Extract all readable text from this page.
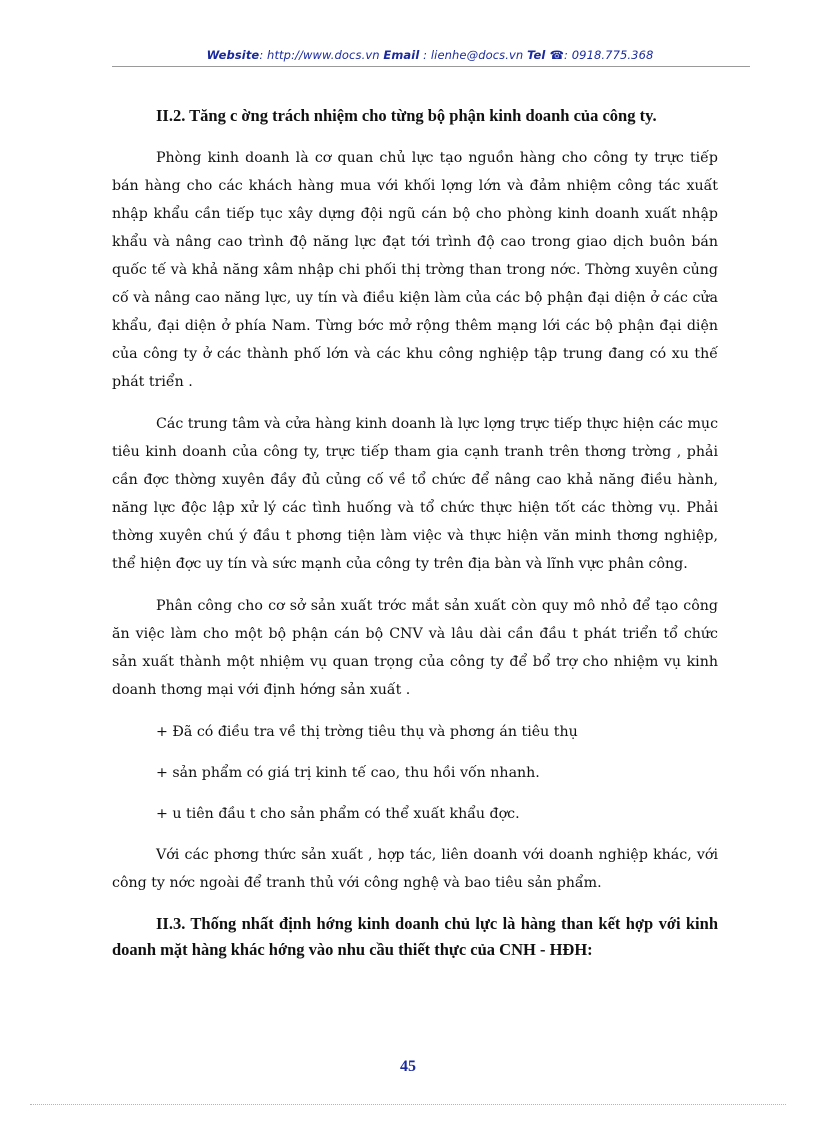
Website: http://www.docs.vn Email : lienhe@docs.vn Tel ☎: 0918.775.368
II.2. Tăng c ờng trách nhiệm cho từng bộ phận kinh doanh của công ty.

Phòng kinh doanh là cơ quan chủ lực tạo nguồn hàng cho công ty trực tiếp bán hàng cho các khách hàng mua với khối lợng lớn và đảm nhiệm công tác xuất nhập khẩu cần tiếp tục xây dựng đội ngũ cán bộ cho phòng kinh doanh xuất nhập khẩu và nâng cao trình độ năng lực đạt tới trình độ cao trong giao dịch buôn bán quốc tế và khả năng xâm nhập chi phối thị trờng than trong nớc. Thờng xuyên củng cố và nâng cao năng lực, uy tín và điều kiện làm của các bộ phận đại diện ở các cửa khẩu, đại diện ở phía Nam. Từng bớc mở rộng thêm mạng lới các bộ phận đại diện của công ty ở các thành phố lớn và các khu công nghiệp tập trung đang có xu thế phát triển .

Các trung tâm và cửa hàng kinh doanh là lực lợng trực tiếp thực hiện các mục tiêu kinh doanh của công ty, trực tiếp tham gia cạnh tranh trên thơng trờng , phải cần đợc thờng xuyên đầy đủ củng cố về tổ chức để nâng cao khả năng điều hành, năng lực độc lập xử lý các tình huống và tổ chức thực hiện tốt các thờng vụ. Phải thờng xuyên chú ý đầu t phơng tiện làm việc và thực hiện văn minh thơng nghiệp, thể hiện đợc uy tín và sức mạnh của công ty trên địa bàn và lĩnh vực phân công.

Phân công cho cơ sở sản xuất trớc mắt sản xuất còn quy mô nhỏ để tạo công ăn việc làm cho một bộ phận cán bộ CNV và lâu dài cần đầu t phát triển tổ chức sản xuất thành một nhiệm vụ quan trọng của công ty để bổ trợ cho nhiệm vụ kinh doanh thơng mại với định hớng sản xuất .

+ Đã có điều tra về thị trờng tiêu thụ và phơng án tiêu thụ

+ sản phẩm có giá trị kinh tế cao, thu hồi vốn nhanh.

+ u tiên đầu t cho sản phẩm có thể xuất khẩu đợc.

Với các phơng thức sản xuất , hợp tác, liên doanh với doanh nghiệp khác, với công ty nớc ngoài để tranh thủ với công nghệ và bao tiêu sản phẩm.

II.3. Thống nhất định hớng kinh doanh chủ lực là hàng than kết hợp với kinh doanh mặt hàng khác hớng vào nhu cầu thiết thực của CNH - HĐH:
45
